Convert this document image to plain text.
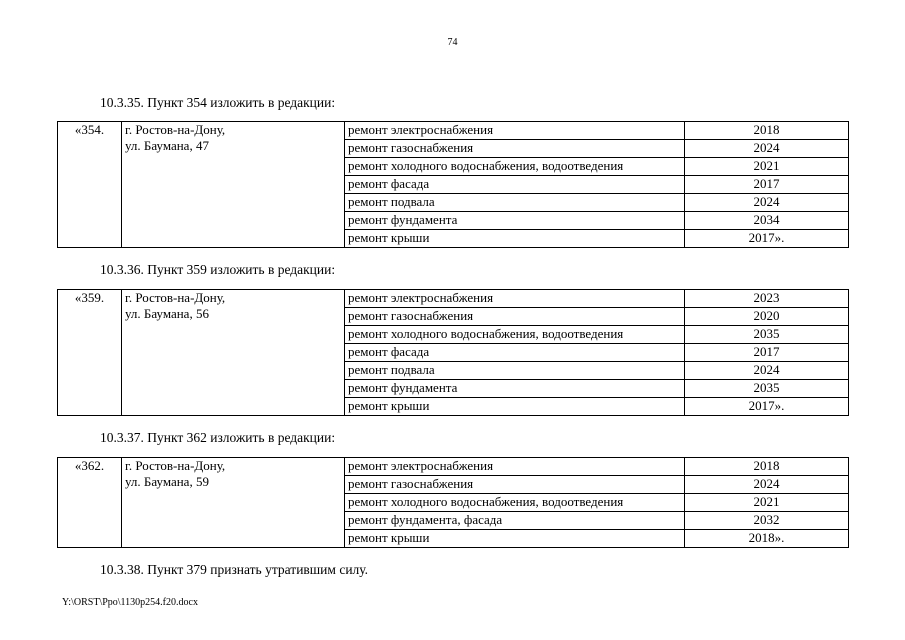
74
10.3.35. Пункт 354 изложить в редакции:
«354.	г. Ростов-на-Дону,
ул. Баумана, 47	ремонт электроснабжения	2018
		ремонт газоснабжения	2024
		ремонт холодного водоснабжения, водоотведения	2021
		ремонт фасада	2017
		ремонт подвала	2024
		ремонт фундамента	2034
		ремонт крыши	2017».
10.3.36. Пункт 359 изложить в редакции:
«359.	г. Ростов-на-Дону,
ул. Баумана, 56	ремонт электроснабжения	2023
		ремонт газоснабжения	2020
		ремонт холодного водоснабжения, водоотведения	2035
		ремонт фасада	2017
		ремонт подвала	2024
		ремонт фундамента	2035
		ремонт крыши	2017».
10.3.37. Пункт 362 изложить в редакции:
«362.	г. Ростов-на-Дону,
ул. Баумана, 59	ремонт электроснабжения	2018
		ремонт газоснабжения	2024
		ремонт холодного водоснабжения, водоотведения	2021
		ремонт фундамента, фасада	2032
		ремонт крыши	2018».
10.3.38. Пункт 379 признать утратившим силу.
Y:\ORST\Ppo\1130p254.f20.docx
